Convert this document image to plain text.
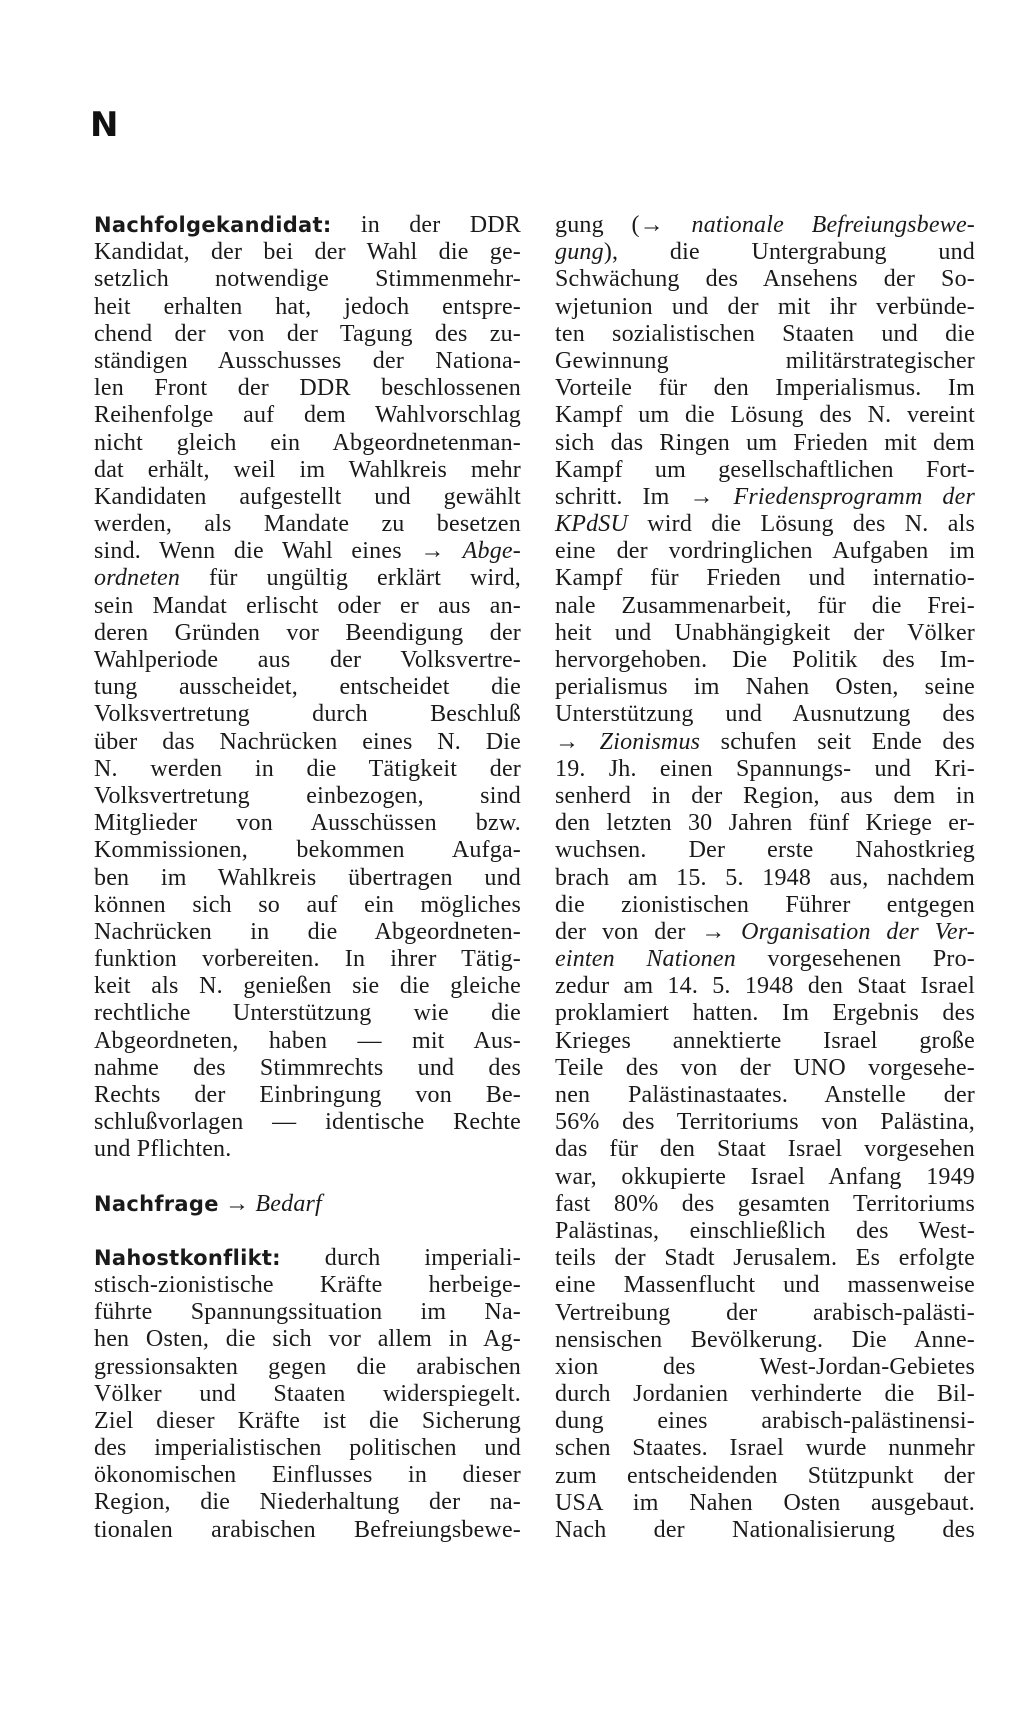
N
Nachfolgekandidat: in der DDR
Kandidat, der bei der Wahl die ge-
setzlich notwendige Stimmenmehr-
heit erhalten hat, jedoch entspre-
chend der von der Tagung des zu-
ständigen Ausschusses der Nationa-
len Front der DDR beschlossenen
Reihenfolge auf dem Wahlvorschlag
nicht gleich ein Abgeordnetenman-
dat erhält, weil im Wahlkreis mehr
Kandidaten aufgestellt und gewählt
werden, als Mandate zu besetzen
sind. Wenn die Wahl eines → Abge-
ordneten für ungültig erklärt wird,
sein Mandat erlischt oder er aus an-
deren Gründen vor Beendigung der
Wahlperiode aus der Volksvertre-
tung ausscheidet, entscheidet die
Volksvertretung durch Beschluß
über das Nachrücken eines N. Die
N. werden in die Tätigkeit der
Volksvertretung einbezogen, sind
Mitglieder von Ausschüssen bzw.
Kommissionen, bekommen Aufga-
ben im Wahlkreis übertragen und
können sich so auf ein mögliches
Nachrücken in die Abgeordneten-
funktion vorbereiten. In ihrer Tätig-
keit als N. genießen sie die gleiche
rechtliche Unterstützung wie die
Abgeordneten, haben — mit Aus-
nahme des Stimmrechts und des
Rechts der Einbringung von Be-
schlußvorlagen — identische Rechte
und Pflichten.
Nachfrage → Bedarf
Nahostkonflikt: durch imperiali-
stisch-zionistische Kräfte herbeige-
führte Spannungssituation im Na-
hen Osten, die sich vor allem in Ag-
gressionsakten gegen die arabischen
Völker und Staaten widerspiegelt.
Ziel dieser Kräfte ist die Sicherung
des imperialistischen politischen und
ökonomischen Einflusses in dieser
Region, die Niederhaltung der na-
tionalen arabischen Befreiungsbewe-
gung (→ nationale Befreiungsbewe-
gung), die Untergrabung und
Schwächung des Ansehens der So-
wjetunion und der mit ihr verbünde-
ten sozialistischen Staaten und die
Gewinnung militärstrategischer
Vorteile für den Imperialismus. Im
Kampf um die Lösung des N. vereint
sich das Ringen um Frieden mit dem
Kampf um gesellschaftlichen Fort-
schritt. Im → Friedensprogramm der
KPdSU wird die Lösung des N. als
eine der vordringlichen Aufgaben im
Kampf für Frieden und internatio-
nale Zusammenarbeit, für die Frei-
heit und Unabhängigkeit der Völker
hervorgehoben. Die Politik des Im-
perialismus im Nahen Osten, seine
Unterstützung und Ausnutzung des
→ Zionismus schufen seit Ende des
19. Jh. einen Spannungs- und Kri-
senherd in der Region, aus dem in
den letzten 30 Jahren fünf Kriege er-
wuchsen. Der erste Nahostkrieg
brach am 15. 5. 1948 aus, nachdem
die zionistischen Führer entgegen
der von der → Organisation der Ver-
einten Nationen vorgesehenen Pro-
zedur am 14. 5. 1948 den Staat Israel
proklamiert hatten. Im Ergebnis des
Krieges annektierte Israel große
Teile des von der UNO vorgesehe-
nen Palästinastaates. Anstelle der
56% des Territoriums von Palästina,
das für den Staat Israel vorgesehen
war, okkupierte Israel Anfang 1949
fast 80% des gesamten Territoriums
Palästinas, einschließlich des West-
teils der Stadt Jerusalem. Es erfolgte
eine Massenflucht und massenweise
Vertreibung der arabisch-palästi-
nensischen Bevölkerung. Die Anne-
xion des West-Jordan-Gebietes
durch Jordanien verhinderte die Bil-
dung eines arabisch-palästinensi-
schen Staates. Israel wurde nunmehr
zum entscheidenden Stützpunkt der
USA im Nahen Osten ausgebaut.
Nach der Nationalisierung des
